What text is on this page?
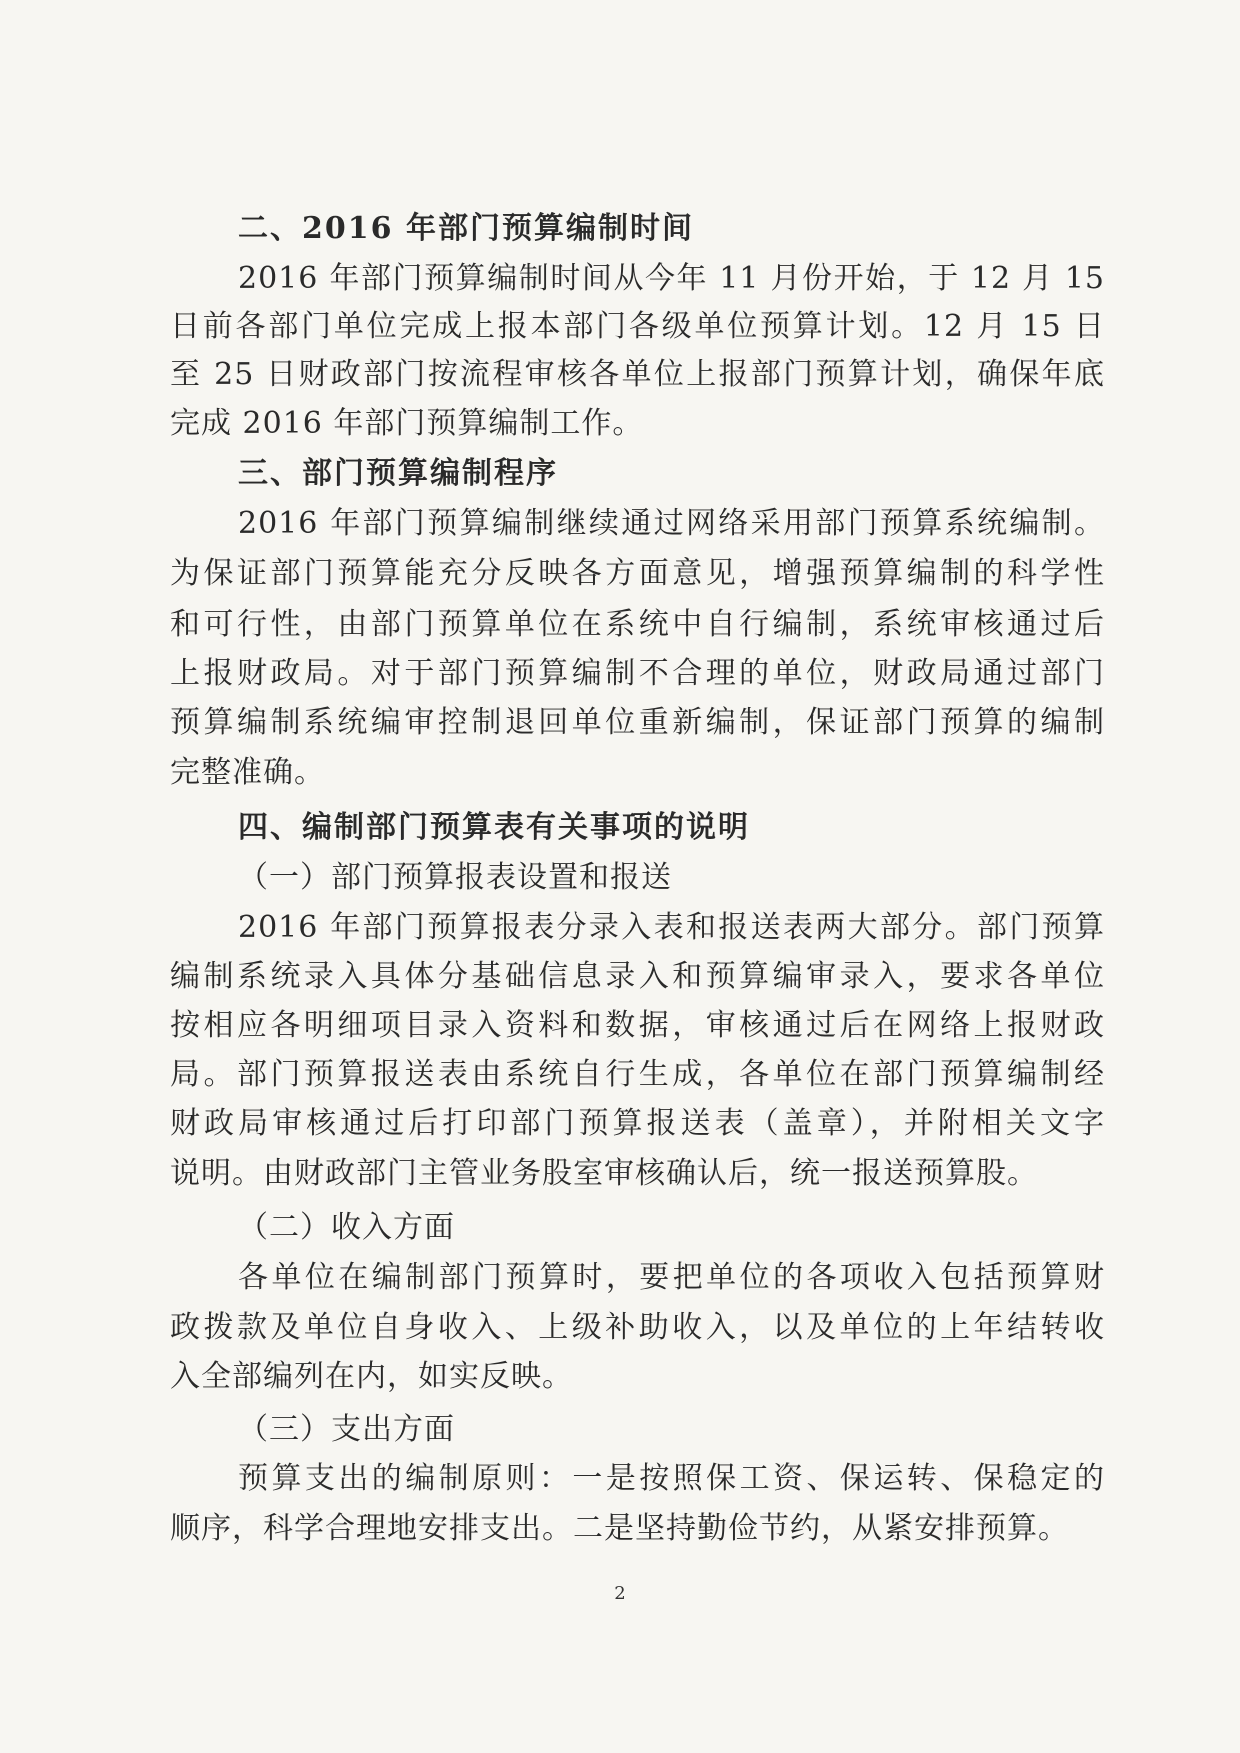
二、2016 年部门预算编制时间
2016 年部门预算编制时间从今年 11 月份开始，于 12 月 15
日前各部门单位完成上报本部门各级单位预算计划。12 月 15 日
至 25 日财政部门按流程审核各单位上报部门预算计划，确保年底
完成 2016 年部门预算编制工作。
三、部门预算编制程序
2016 年部门预算编制继续通过网络采用部门预算系统编制。
为保证部门预算能充分反映各方面意见，增强预算编制的科学性
和可行性，由部门预算单位在系统中自行编制，系统审核通过后
上报财政局。对于部门预算编制不合理的单位，财政局通过部门
预算编制系统编审控制退回单位重新编制，保证部门预算的编制
完整准确。
四、编制部门预算表有关事项的说明
（一）部门预算报表设置和报送
2016 年部门预算报表分录入表和报送表两大部分。部门预算
编制系统录入具体分基础信息录入和预算编审录入，要求各单位
按相应各明细项目录入资料和数据，审核通过后在网络上报财政
局。部门预算报送表由系统自行生成，各单位在部门预算编制经
财政局审核通过后打印部门预算报送表（盖章），并附相关文字
说明。由财政部门主管业务股室审核确认后，统一报送预算股。
（二）收入方面
各单位在编制部门预算时，要把单位的各项收入包括预算财
政拨款及单位自身收入、上级补助收入，以及单位的上年结转收
入全部编列在内，如实反映。
（三）支出方面
预算支出的编制原则：一是按照保工资、保运转、保稳定的
顺序，科学合理地安排支出。二是坚持勤俭节约，从紧安排预算。
2
